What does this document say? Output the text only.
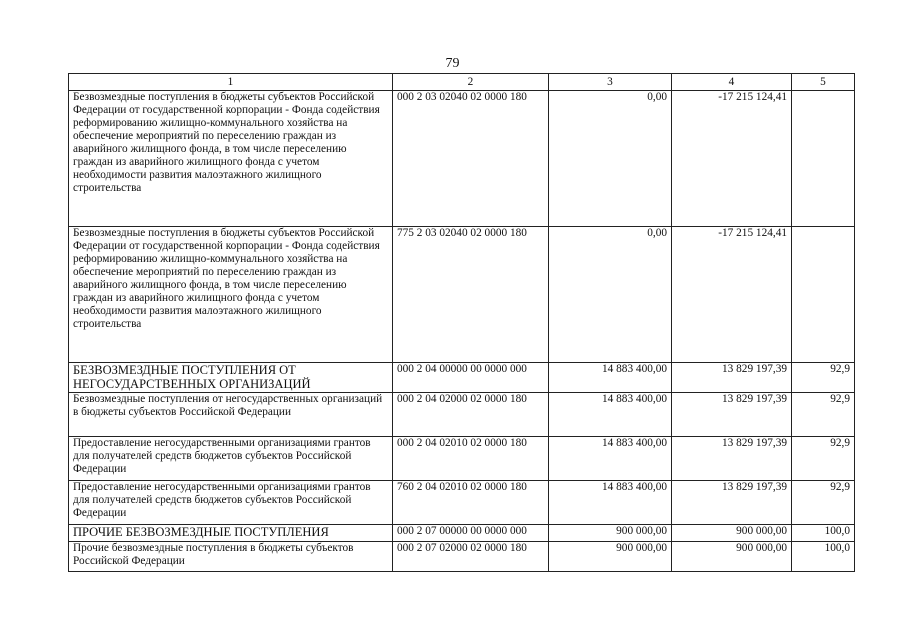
79
1	2	3	4	5
Безвозмездные поступления в бюджеты субъектов Российской Федерации от государственной корпорации - Фонда содействия реформированию жилищно-коммунального хозяйства на обеспечение мероприятий по переселению граждан из аварийного жилищного фонда, в том числе переселению граждан из аварийного жилищного фонда с учетом необходимости развития малоэтажного жилищного строительства	000 2 03 02040 02 0000 180	0,00	-17 215 124,41	
Безвозмездные поступления в бюджеты субъектов Российской Федерации от государственной корпорации - Фонда содействия реформированию жилищно-коммунального хозяйства на обеспечение мероприятий по переселению граждан из аварийного жилищного фонда, в том числе переселению граждан из аварийного жилищного фонда с учетом необходимости развития малоэтажного жилищного строительства	775 2 03 02040 02 0000 180	0,00	-17 215 124,41	
БЕЗВОЗМЕЗДНЫЕ ПОСТУПЛЕНИЯ ОТ НЕГОСУДАРСТВЕННЫХ ОРГАНИЗАЦИЙ	000 2 04 00000 00 0000 000	14 883 400,00	13 829 197,39	92,9
Безвозмездные поступления от негосударственных организаций в бюджеты субъектов Российской Федерации	000 2 04 02000 02 0000 180	14 883 400,00	13 829 197,39	92,9
Предоставление негосударственными организациями грантов для получателей средств бюджетов субъектов Российской Федерации	000 2 04 02010 02 0000 180	14 883 400,00	13 829 197,39	92,9
Предоставление негосударственными организациями грантов для получателей средств бюджетов субъектов Российской Федерации	760 2 04 02010 02 0000 180	14 883 400,00	13 829 197,39	92,9
ПРОЧИЕ БЕЗВОЗМЕЗДНЫЕ ПОСТУПЛЕНИЯ	000 2 07 00000 00 0000 000	900 000,00	900 000,00	100,0
Прочие безвозмездные поступления в бюджеты субъектов Российской Федерации	000 2 07 02000 02 0000 180	900 000,00	900 000,00	100,0
